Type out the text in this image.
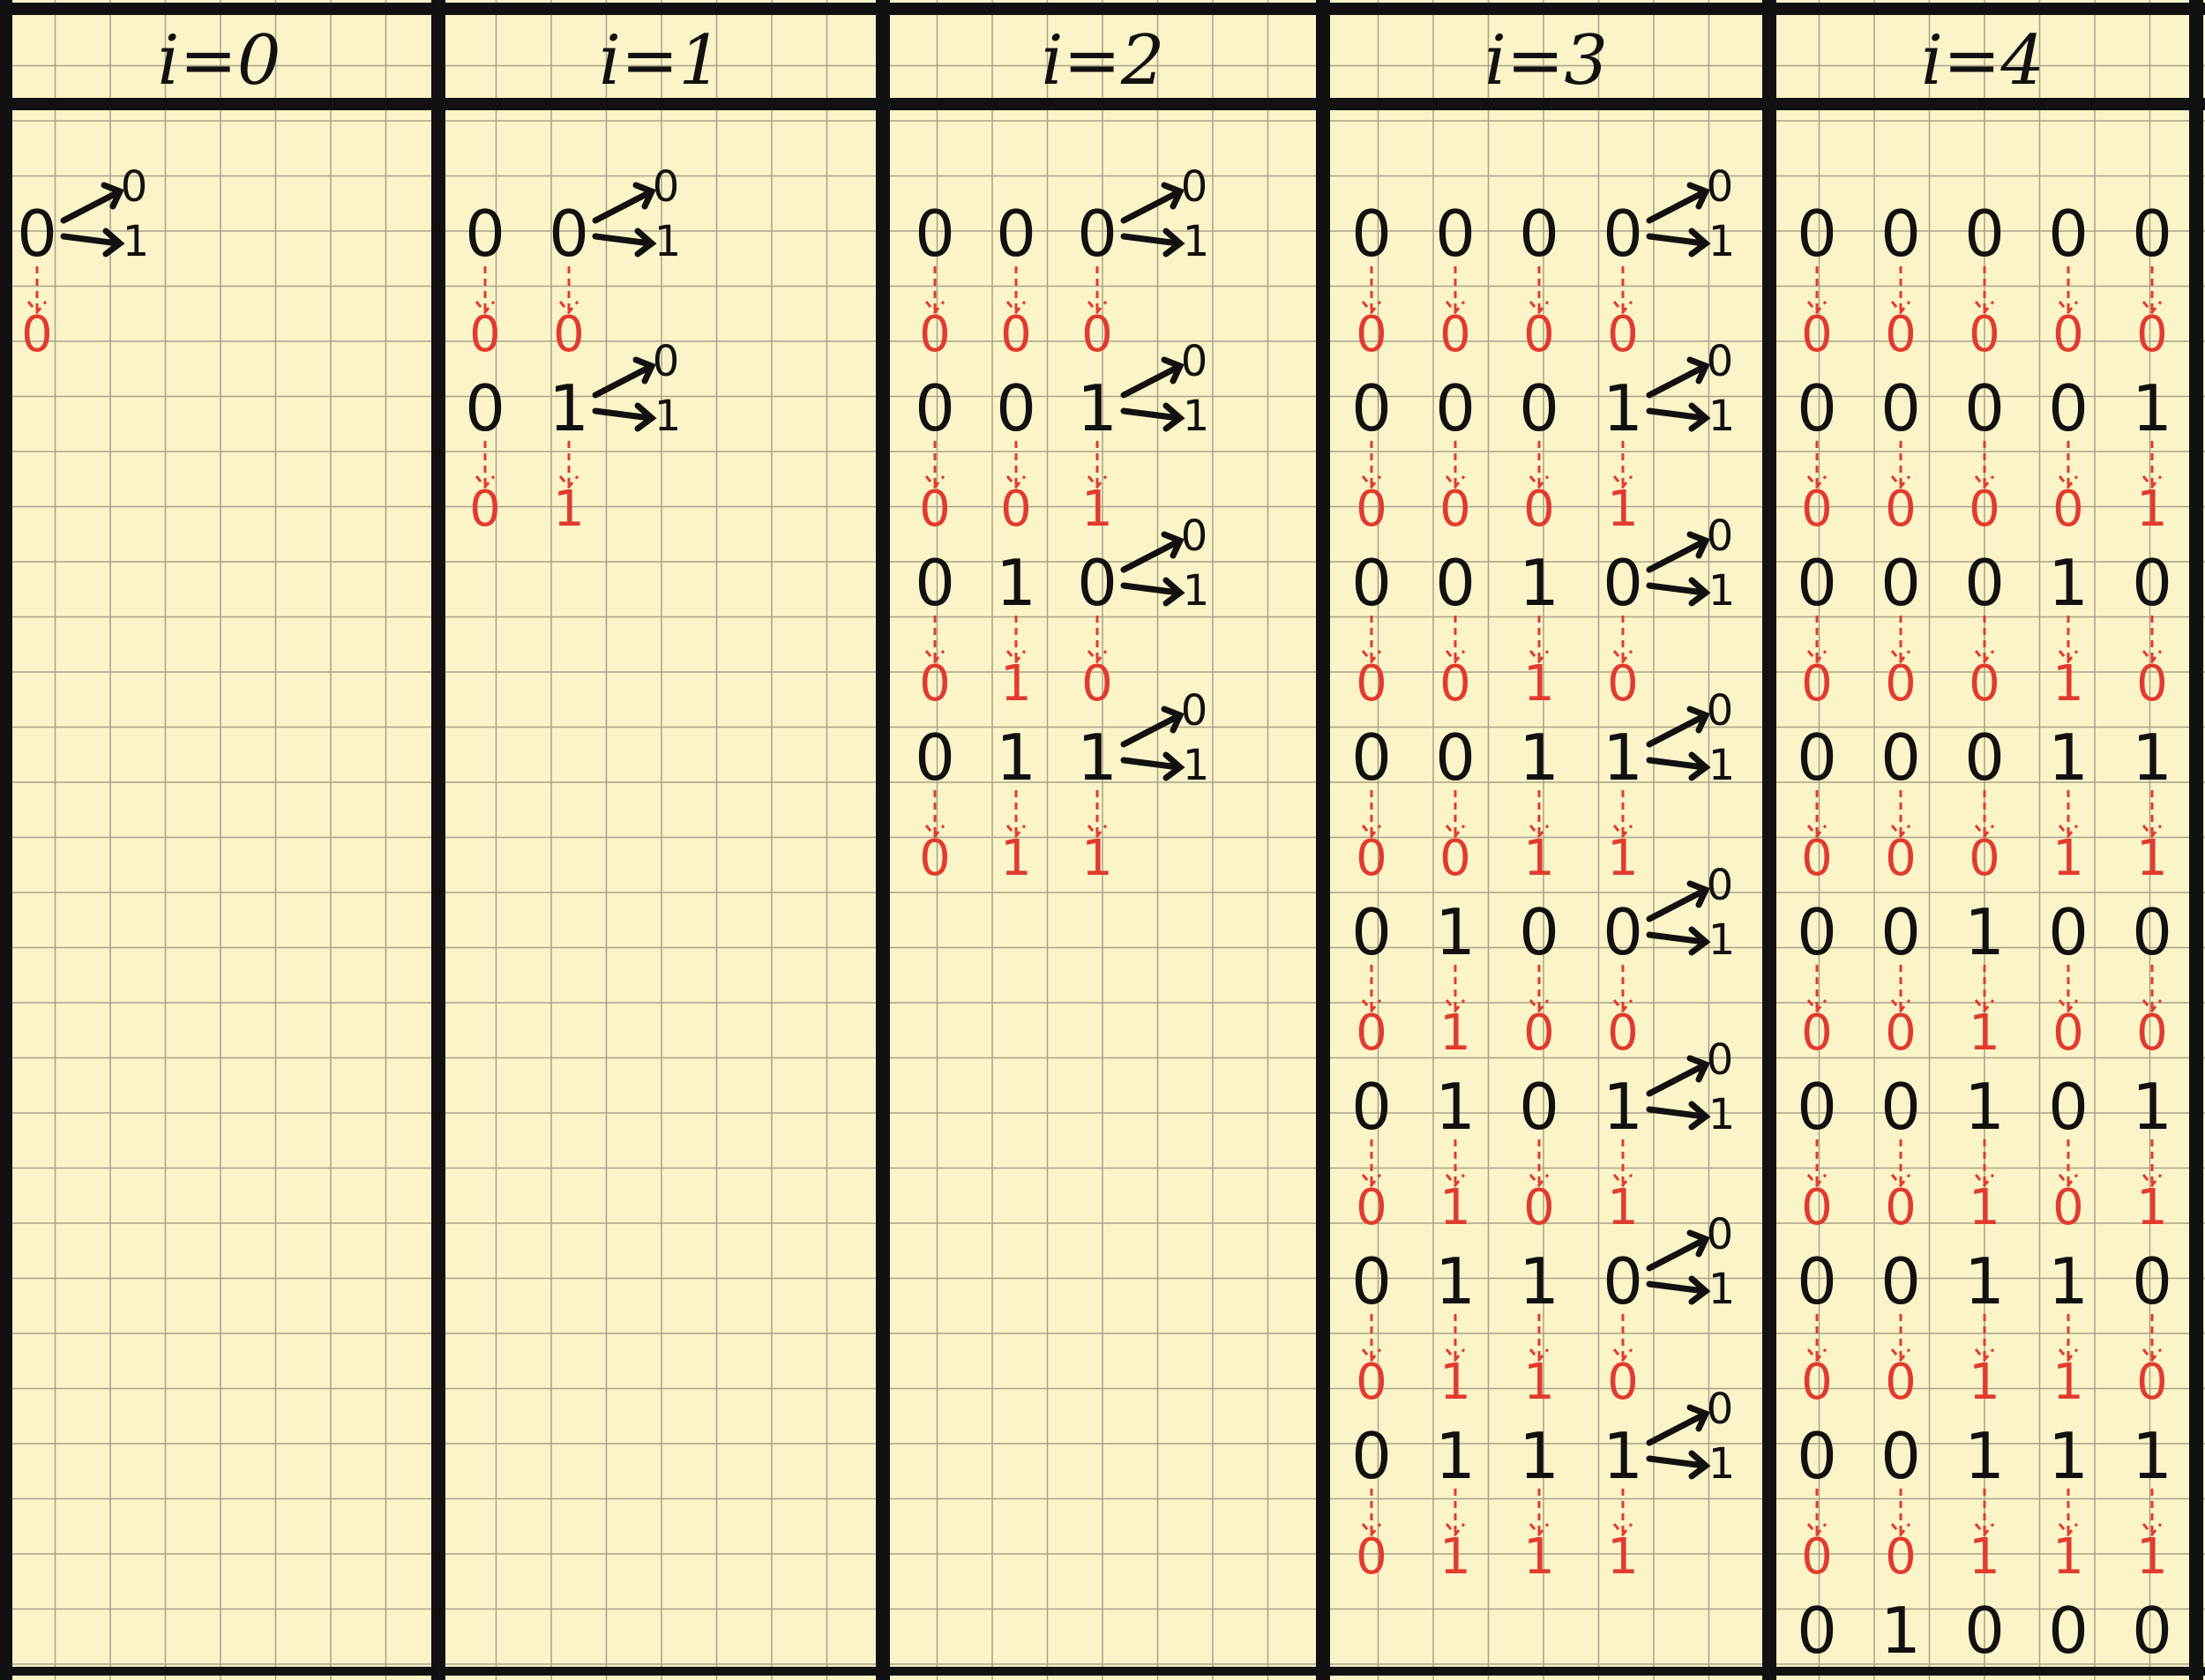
i=0
0
0
0
1
i=1
0
0
0
0
0
1
0
0
1
1
0
1
i=2
0
0
0
0
0
0
0
1
0
0
0
0
1
1
0
1
0
0
1
1
0
0
0
1
0
0
1
1
1
1
0
1
i=3
0
0
0
0
0
0
0
0
0
1
0
0
0
0
0
0
1
1
0
1
0
0
0
0
1
1
0
0
0
1
0
0
0
0
1
1
1
1
0
1
0
0
1
1
0
0
0
0
0
1
0
0
1
1
0
0
1
1
0
1
0
0
1
1
1
1
0
0
0
1
0
0
1
1
1
1
1
1
0
1
i=4
0
0
0
0
0
0
0
0
0
0
0
0
0
0
0
0
0
0
1
1
0
0
0
0
0
0
1
1
0
0
0
0
0
0
0
0
1
1
1
1
0
0
0
0
1
1
0
0
0
0
0
0
0
0
1
1
0
0
1
1
0
0
0
0
1
1
1
1
0
0
0
0
0
0
1
1
1
1
1
1
0 1 0 0 0
